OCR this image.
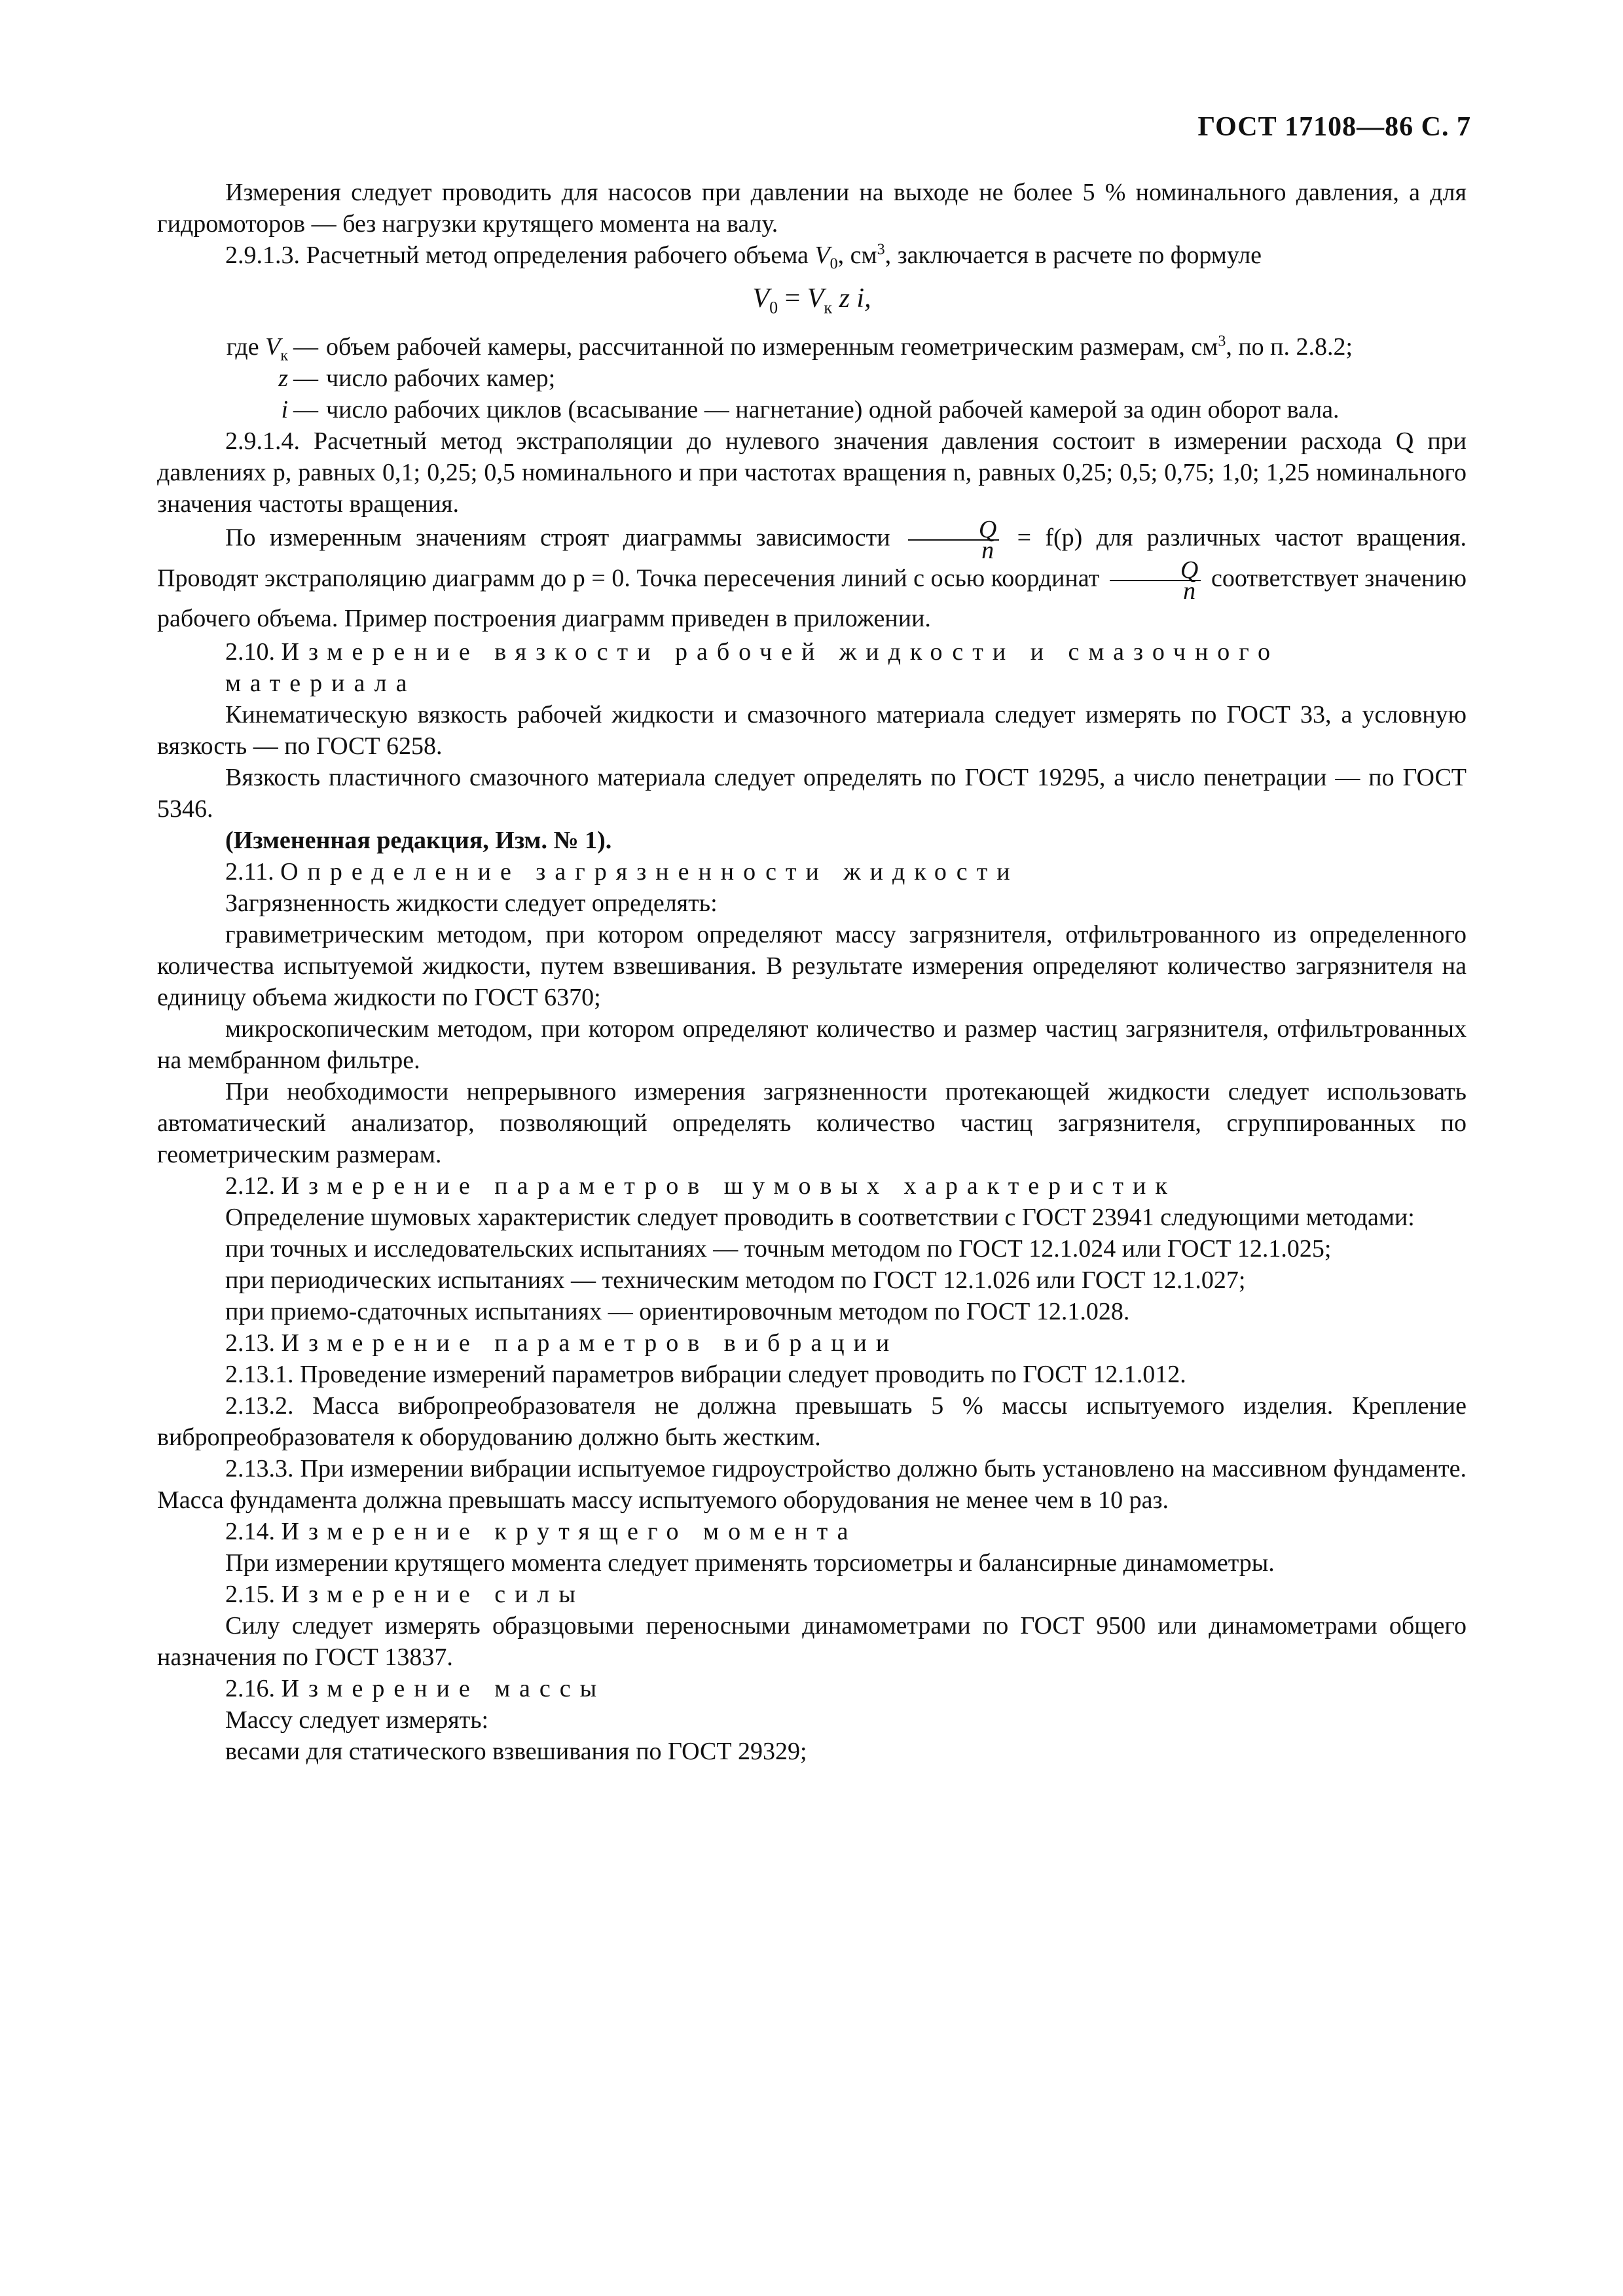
ГОСТ 17108—86 С. 7

Измерения следует проводить для насосов при давлении на выходе не более 5 % номинального давления, а для гидромоторов — без нагрузки крутящего момента на валу.

2.9.1.3. Расчетный метод определения рабочего объема $V_0$, $см^3$, заключается в расчете по формуле

$V_0 = V_к$ z i,
где $V_к$ — объем рабочей камеры, рассчитанной по измеренным геометрическим размерам, $см^3$, по п. 2.8.2;
z — число рабочих камер;
i — число рабочих циклов (всасывание — нагнетание) одной рабочей камерой за один оборот вала.

2.9.1.4. Расчетный метод экстраполяции до нулевого значения давления состоит в измерении расхода Q при давлениях p, равных 0,1; 0,25; 0,5 номинального и при частотах вращения n, равных 0,25; 0,5; 0,75; 1,0; 1,25 номинального значения частоты вращения.

По измеренным значениям строят диаграммы зависимости $\frac{Q}{n} = f(p)$ для различных частот вращения. Проводят экстраполяцию диаграмм до p = 0. Точка пересечения линий с осью координат $\frac{Q}{n}$ соответствует значению рабочего объема. Пример построения диаграмм приведен в приложении.

2.10. Измерение вязкости рабочей жидкости и смазочного материала

Кинематическую вязкость рабочей жидкости и смазочного материала следует измерять по ГОСТ 33, а условную вязкость — по ГОСТ 6258.

Вязкость пластичного смазочного материала следует определять по ГОСТ 19295, а число пенетрации — по ГОСТ 5346.

(Измененная редакция, Изм. № 1).

2.11. Определение загрязненности жидкости

Загрязненность жидкости следует определять:

гравиметрическим методом, при котором определяют массу загрязнителя, отфильтрованного из определенного количества испытуемой жидкости, путем взвешивания. В результате измерения определяют количество загрязнителя на единицу объема жидкости по ГОСТ 6370;

микроскопическим методом, при котором определяют количество и размер частиц загрязнителя, отфильтрованных на мембранном фильтре.

При необходимости непрерывного измерения загрязненности протекающей жидкости следует использовать автоматический анализатор, позволяющий определять количество частиц загрязнителя, сгруппированных по геометрическим размерам.

2.12. Измерение параметров шумовых характеристик

Определение шумовых характеристик следует проводить в соответствии с ГОСТ 23941 следующими методами:

при точных и исследовательских испытаниях — точным методом по ГОСТ 12.1.024 или ГОСТ 12.1.025;

при периодических испытаниях — техническим методом по ГОСТ 12.1.026 или ГОСТ 12.1.027;

при приемо-сдаточных испытаниях — ориентировочным методом по ГОСТ 12.1.028.

2.13. Измерение параметров вибрации

2.13.1. Проведение измерений параметров вибрации следует проводить по ГОСТ 12.1.012.

2.13.2. Масса вибропреобразователя не должна превышать 5 % массы испытуемого изделия. Крепление вибропреобразователя к оборудованию должно быть жестким.

2.13.3. При измерении вибрации испытуемое гидроустройство должно быть установлено на массивном фундаменте. Масса фундамента должна превышать массу испытуемого оборудования не менее чем в 10 раз.

2.14. Измерение крутящего момента

При измерении крутящего момента следует применять торсиометры и балансирные динамометры.

2.15. Измерение силы

Силу следует измерять образцовыми переносными динамометрами по ГОСТ 9500 или динамометрами общего назначения по ГОСТ 13837.

2.16. Измерение массы

Массу следует измерять:

весами для статического взвешивания по ГОСТ 29329;
